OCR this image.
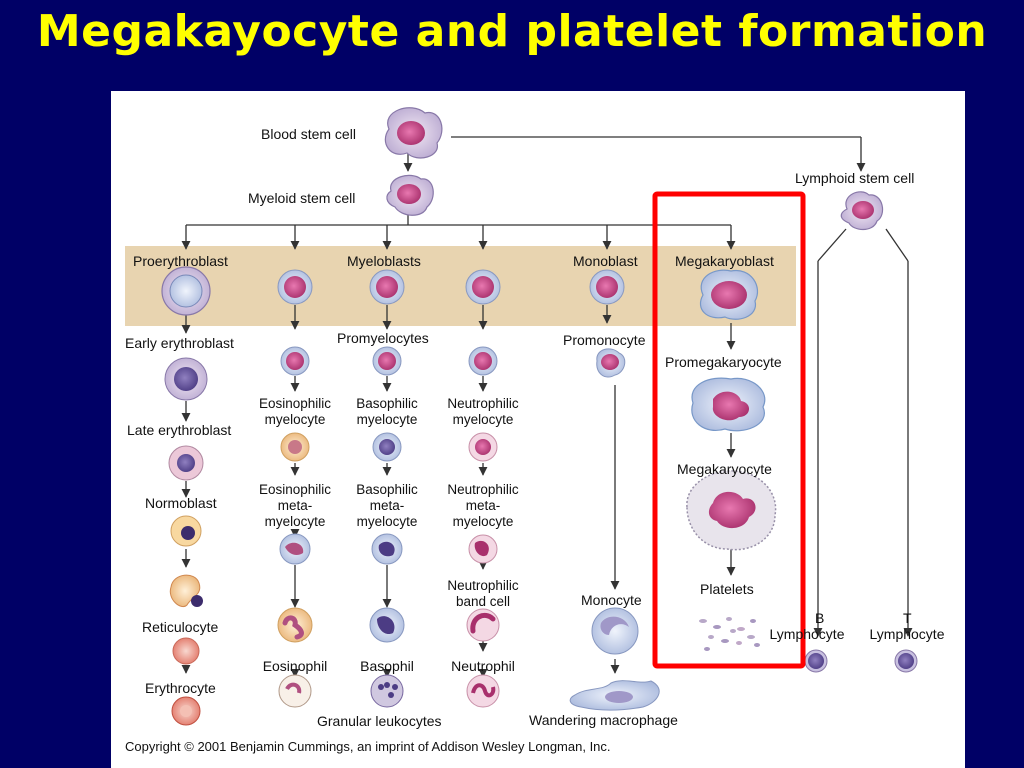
Megakayocyte and platelet formation
Blood stem cell
Myeloid stem cell
Lymphoid stem cell
Proerythroblast	Myeloblasts	Monoblast	Megakaryoblast
Early erythroblast
Late erythroblast
Normoblast
Reticulocyte
Erythrocyte
Promyelocytes
Eosinophilic
myelocyte
Basophilic
myelocyte
Neutrophilic
myelocyte
Eosinophilic
meta-
myelocyte
Basophilic
meta-
myelocyte
Neutrophilic
meta-
myelocyte
Neutrophilic
band cell
Eosinophil Basophil	Neutrophil
Granular leukocytes
Promonocyte
Monocyte
Wandering macrophage
Promegakaryocyte
Megakaryocyte
Platelets
B
Lymphocyte
T
Lymphocyte
Copyright © 2001 Benjamin Cummings, an imprint of Addison Wesley Longman, Inc.
